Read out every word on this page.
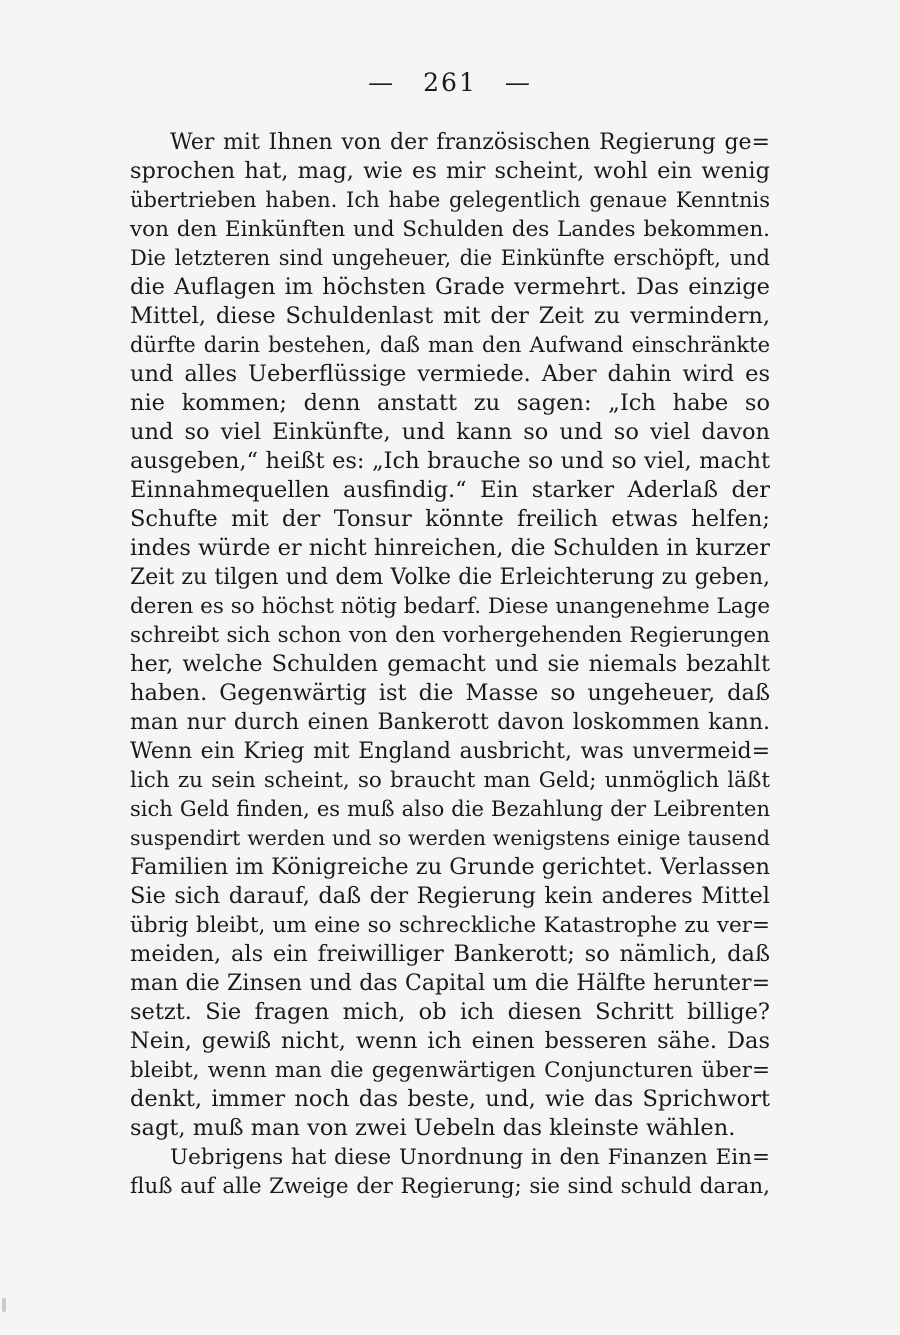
— 261 —
Wer mit Ihnen von der französischen Regierung ge=
sprochen hat, mag, wie es mir scheint, wohl ein wenig
übertrieben haben. Ich habe gelegentlich genaue Kenntnis
von den Einkünften und Schulden des Landes bekommen.
Die letzteren sind ungeheuer, die Einkünfte erschöpft, und
die Auflagen im höchsten Grade vermehrt. Das einzige
Mittel, diese Schuldenlast mit der Zeit zu vermindern,
dürfte darin bestehen, daß man den Aufwand einschränkte
und alles Ueberflüssige vermiede. Aber dahin wird es
nie kommen; denn anstatt zu sagen: „Ich habe so
und so viel Einkünfte, und kann so und so viel davon
ausgeben,“ heißt es: „Ich brauche so und so viel, macht
Einnahmequellen ausfindig.“ Ein starker Aderlaß der
Schufte mit der Tonsur könnte freilich etwas helfen;
indes würde er nicht hinreichen, die Schulden in kurzer
Zeit zu tilgen und dem Volke die Erleichterung zu geben,
deren es so höchst nötig bedarf. Diese unangenehme Lage
schreibt sich schon von den vorhergehenden Regierungen
her, welche Schulden gemacht und sie niemals bezahlt
haben. Gegenwärtig ist die Masse so ungeheuer, daß
man nur durch einen Bankerott davon loskommen kann.
Wenn ein Krieg mit England ausbricht, was unvermeid=
lich zu sein scheint, so braucht man Geld; unmöglich läßt
sich Geld finden, es muß also die Bezahlung der Leibrenten
suspendirt werden und so werden wenigstens einige tausend
Familien im Königreiche zu Grunde gerichtet. Verlassen
Sie sich darauf, daß der Regierung kein anderes Mittel
übrig bleibt, um eine so schreckliche Katastrophe zu ver=
meiden, als ein freiwilliger Bankerott; so nämlich, daß
man die Zinsen und das Capital um die Hälfte herunter=
setzt. Sie fragen mich, ob ich diesen Schritt billige?
Nein, gewiß nicht, wenn ich einen besseren sähe. Das
bleibt, wenn man die gegenwärtigen Conjuncturen über=
denkt, immer noch das beste, und, wie das Sprichwort
sagt, muß man von zwei Uebeln das kleinste wählen.
Uebrigens hat diese Unordnung in den Finanzen Ein=
fluß auf alle Zweige der Regierung; sie sind schuld daran,
